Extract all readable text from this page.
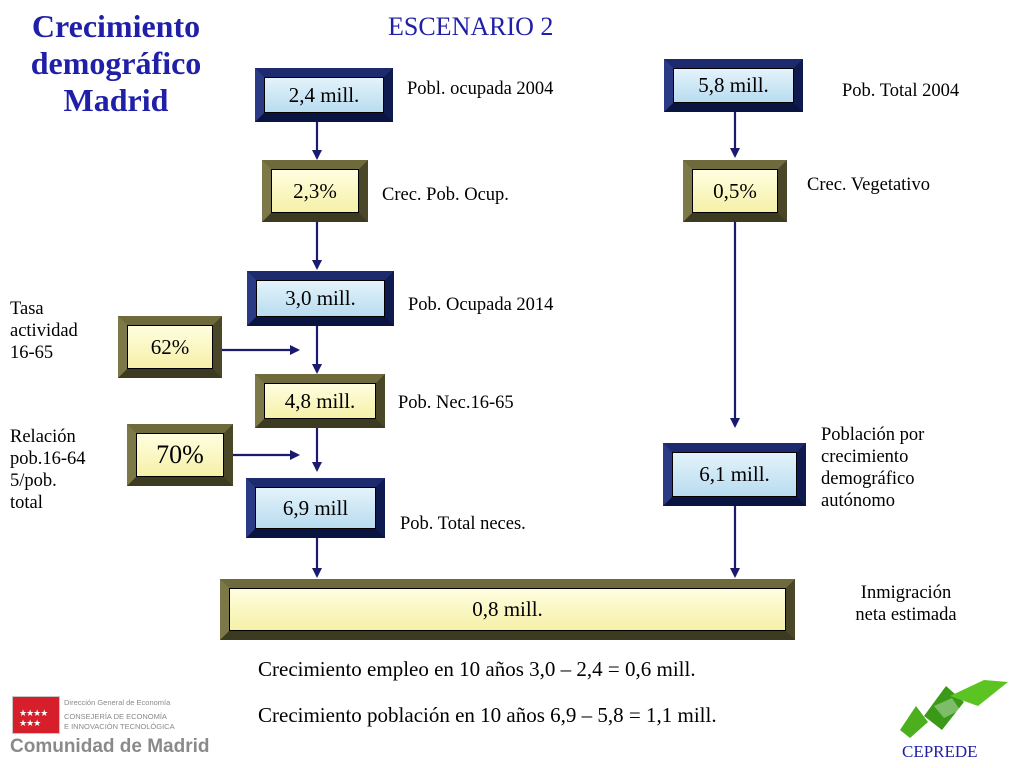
Crecimiento
demográfico
Madrid
ESCENARIO 2
2,4 mill.	Pobl. ocupada 2004
2,3%	Crec. Pob. Ocup.
3,0 mill.	Pob. Ocupada 2014
4,8 mill.	Pob. Nec.16-65
6,9 mill
Pob. Total neces.
Tasa
actividad
16-65	62%
Relación
pob.16-64
5/pob.
total
70%
5,8 mill.	Pob. Total 2004
0,5%	Crec. Vegetativo
6,1 mill.
Población por
crecimiento
demográfico
autónomo
0,8 mill.
Inmigración
neta estimada
Crecimiento empleo en 10 años 3,0 – 2,4 = 0,6 mill.
Crecimiento población en 10 años 6,9 – 5,8 = 1,1 mill.
★★★★
★★★
Dirección General de Economía
CONSEJERÍA DE ECONOMÍA
E INNOVACIÓN TECNOLÓGICA
Comunidad de Madrid	CEPREDE
